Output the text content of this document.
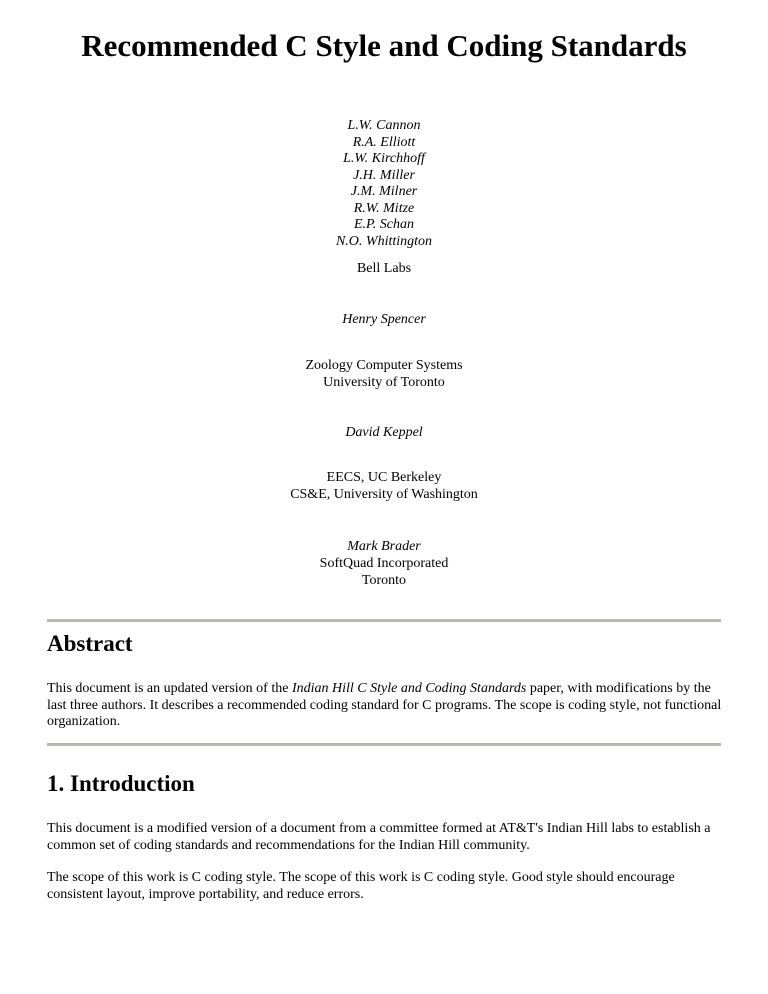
Recommended C Style and Coding Standards
L.W. Cannon
R.A. Elliott
L.W. Kirchhoff
J.H. Miller
J.M. Milner
R.W. Mitze
E.P. Schan
N.O. Whittington
Bell Labs
Henry Spencer
Zoology Computer Systems
University of Toronto
David Keppel
EECS, UC Berkeley
CS&E, University of Washington
Mark Brader
SoftQuad Incorporated
Toronto
Abstract

This document is an updated version of the Indian Hill C Style and Coding Standards paper, with modifications by the last three authors. It describes a recommended coding standard for C programs. The scope is coding style, not functional organization.

1. Introduction

This document is a modified version of a document from a committee formed at AT&T's Indian Hill labs to establish a common set of coding standards and recommendations for the Indian Hill community.

The scope of this work is C coding style. The scope of this work is C coding style. Good style should encourage consistent layout, improve portability, and reduce errors.
